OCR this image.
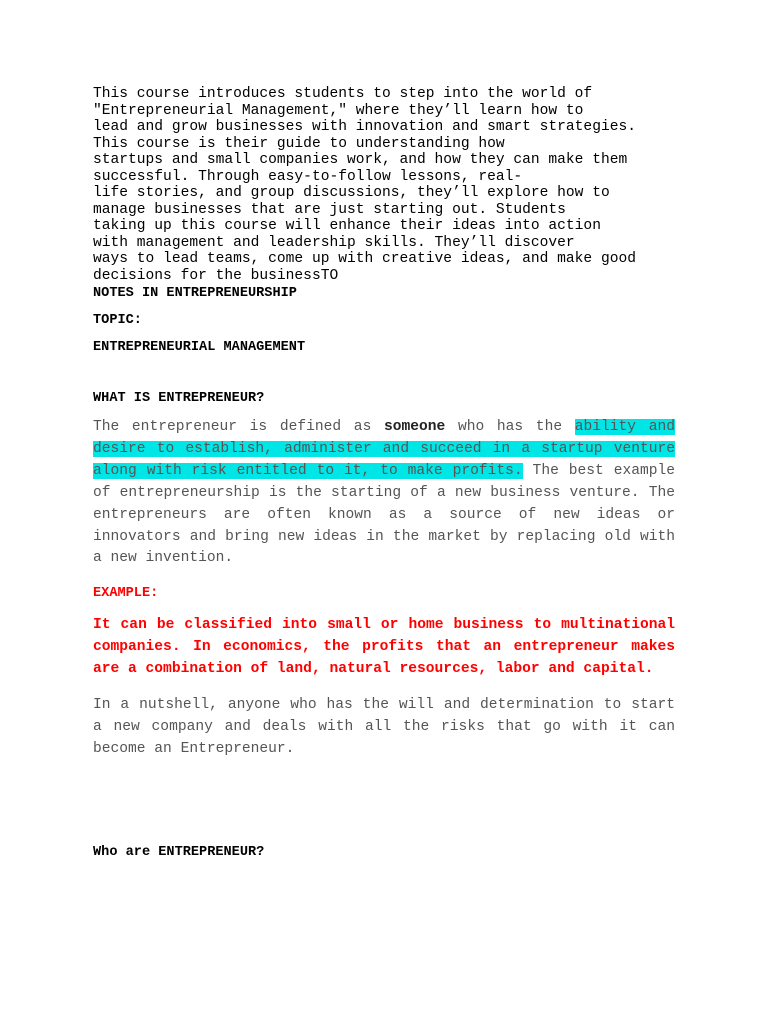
This course introduces students to step into the world of
"Entrepreneurial Management," where they’ll learn how to
lead and grow businesses with innovation and smart strategies.
This course is their guide to understanding how
startups and small companies work, and how they can make them
successful. Through easy-to-follow lessons, real-
life stories, and group discussions, they’ll explore how to
manage businesses that are just starting out. Students
taking up this course will enhance their ideas into action
with management and leadership skills. They’ll discover
ways to lead teams, come up with creative ideas, and make good
decisions for the businessTO

NOTES IN ENTREPRENEURSHIP

TOPIC:

ENTREPRENEURIAL MANAGEMENT

WHAT IS ENTREPRENEUR?

The entrepreneur is defined as someone who has the ability and desire to establish, administer and succeed in a startup venture along with risk entitled to it, to make profits. The best example of entrepreneurship is the starting of a new business venture. The entrepreneurs are often known as a source of new ideas or innovators and bring new ideas in the market by replacing old with a new invention.

EXAMPLE:

It can be classified into small or home business to multinational companies. In economics, the profits that an entrepreneur makes are a combination of land, natural resources, labor and capital.

In a nutshell, anyone who has the will and determination to start a new company and deals with all the risks that go with it can become an Entrepreneur.

Who are ENTREPRENEUR?
